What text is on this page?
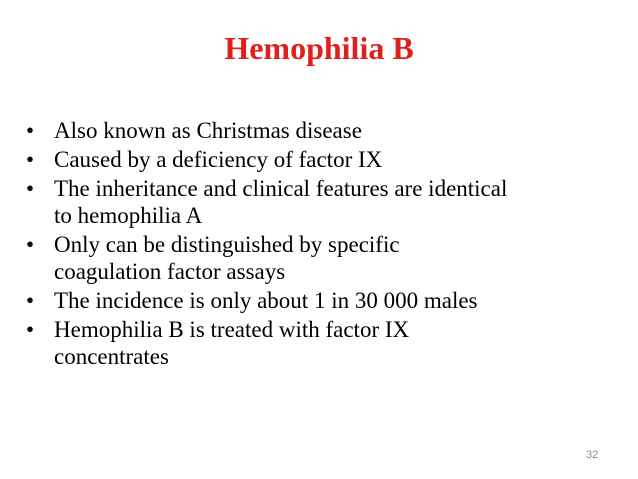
Hemophilia B
• Also known as Christmas disease
• Caused by a deficiency of factor IX
• The inheritance and clinical features are identical
to hemophilia A
• Only can be distinguished by specific
coagulation factor assays
• The incidence is only about 1 in 30 000 males
• Hemophilia B is treated with factor IX
concentrates
32
